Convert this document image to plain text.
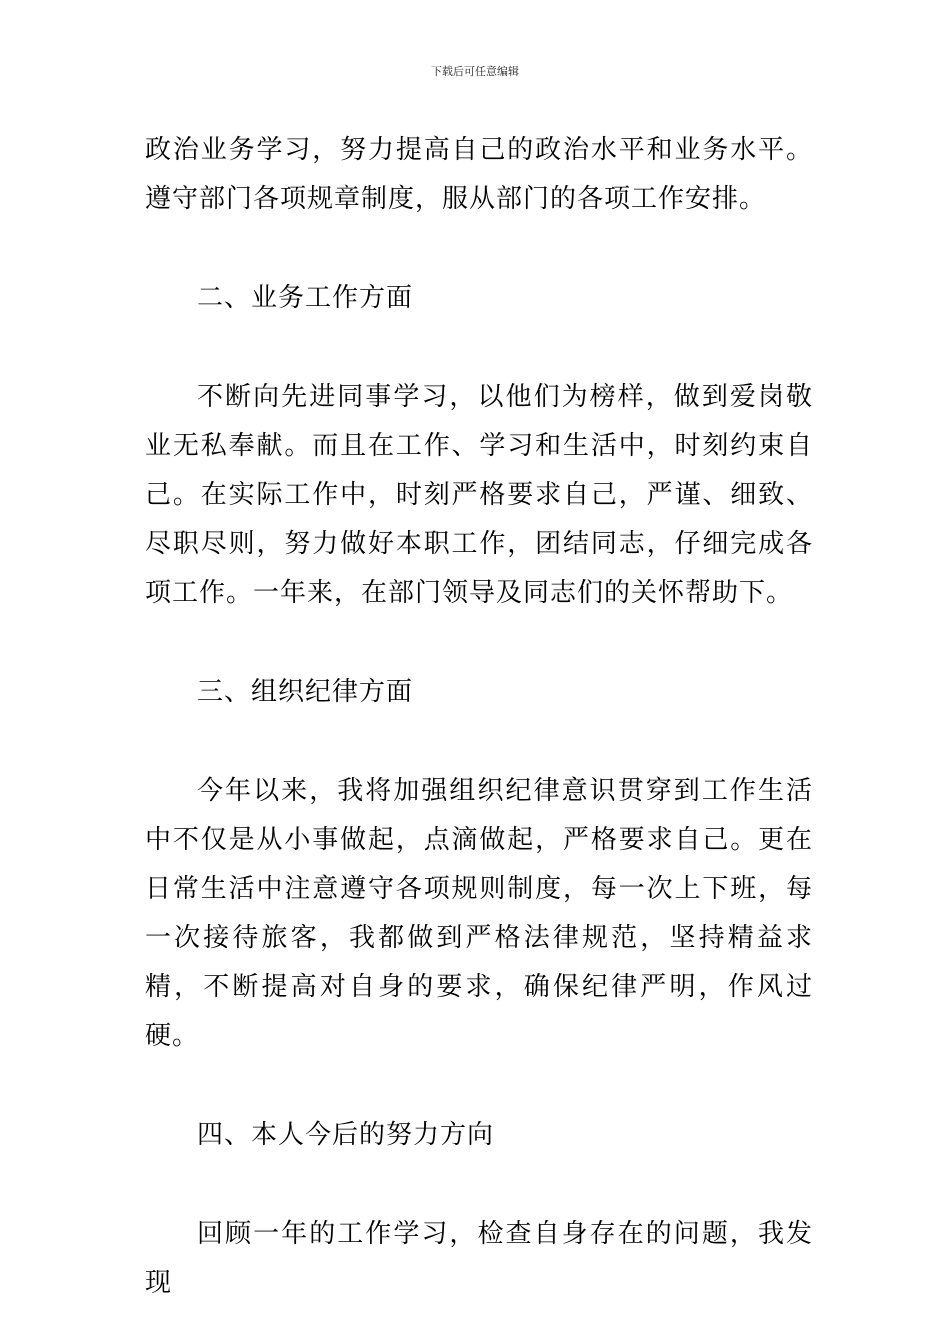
下载后可任意编辑

政治业务学习，努力提高自己的政治水平和业务水平。遵守部门各项规章制度，服从部门的各项工作安排。

二、业务工作方面

不断向先进同事学习，以他们为榜样，做到爱岗敬业无私奉献。而且在工作、学习和生活中，时刻约束自己。在实际工作中，时刻严格要求自己，严谨、细致、尽职尽则，努力做好本职工作，团结同志，仔细完成各项工作。一年来，在部门领导及同志们的关怀帮助下。

三、组织纪律方面

今年以来，我将加强组织纪律意识贯穿到工作生活中不仅是从小事做起，点滴做起，严格要求自己。更在日常生活中注意遵守各项规则制度，每一次上下班，每一次接待旅客，我都做到严格法律规范，坚持精益求精，不断提高对自身的要求，确保纪律严明，作风过硬。

四、本人今后的努力方向

回顾一年的工作学习，检查自身存在的问题，我发现
